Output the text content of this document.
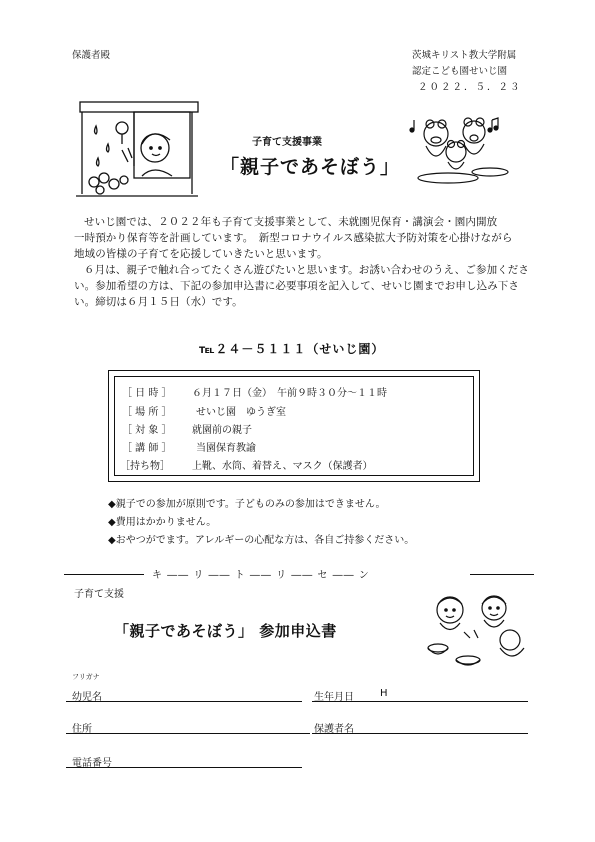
保護者殿	茨城キリスト教大学附属
認定こども園せいじ園
２０２２．５．２３
子育て支援事業
「親子であそぼう」
せいじ園では、２０２２年も子育て支援事業として、未就園児保育・講演会・園内開放
一時預かり保育等を計画しています。　新型コロナウイルス感染拡大予防対策を心掛けながら
地域の皆様の子育てを応援していきたいと思います。
６月は、親子で触れ合ってたくさん遊びたいと思います。お誘い合わせのうえ、ご参加くださ
い。参加希望の方は、下記の参加申込書に必要事項を記入して、せいじ園までお申し込み下さ
い。締切は６月１５日（水）です。
℡２４－５１１１（せいじ園）
［ 日 時 ］ ６月１７日（金）　午前９時３０分～１１時
［ 場 所 ］ せいじ園　ゆうぎ室
［ 対 象 ］ 就園前の親子
［ 講 師 ］ 当園保育教諭
［持ち物］ 上靴、水筒、着替え、マスク（保護者）
◆親子での参加が原則です。子どものみの参加はできません。
◆費用はかかりません。
◆おやつがでます。アレルギーの心配な方は、各自ご持参ください。
キ ―― リ ―― ト ―― リ ―― セ ―― ン
子育て支援
「親子であそぼう」 参加申込書
フリガナ
幼児名	生年月日	H
住所	保護者名
電話番号
